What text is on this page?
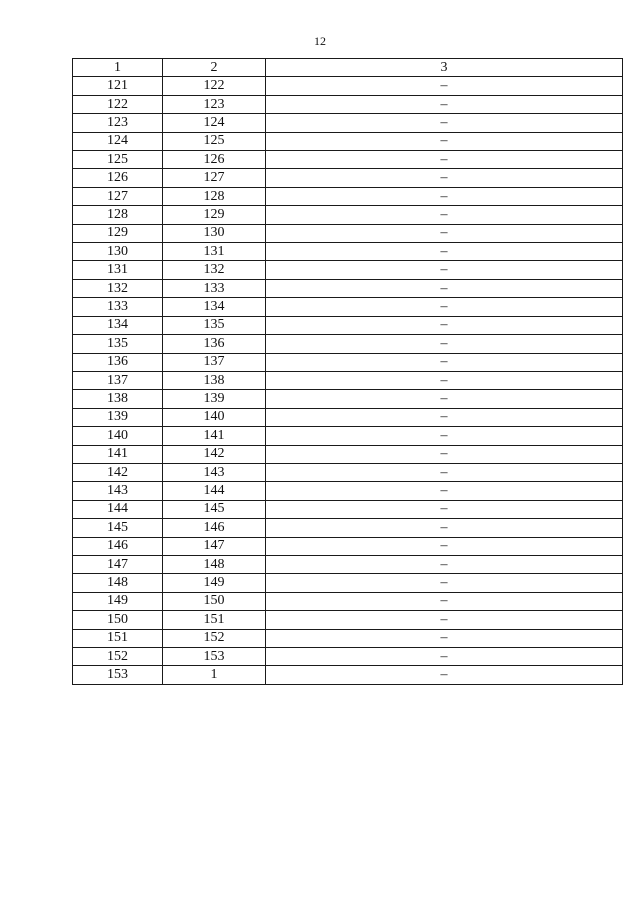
12
1	2	3
121	122	–
122	123	–
123	124	–
124	125	–
125	126	–
126	127	–
127	128	–
128	129	–
129	130	–
130	131	–
131	132	–
132	133	–
133	134	–
134	135	–
135	136	–
136	137	–
137	138	–
138	139	–
139	140	–
140	141	–
141	142	–
142	143	–
143	144	–
144	145	–
145	146	–
146	147	–
147	148	–
148	149	–
149	150	–
150	151	–
151	152	–
152	153	–
153	1	–
